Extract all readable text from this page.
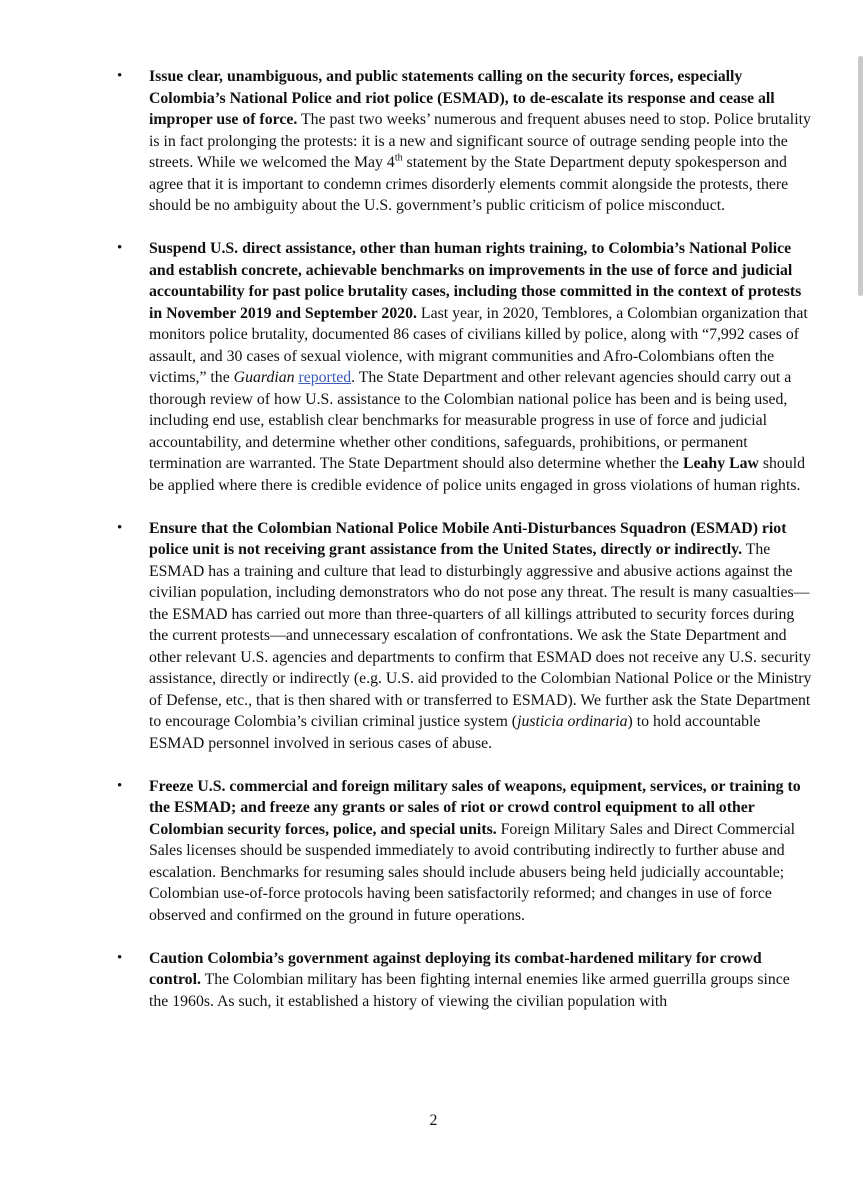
• Issue clear, unambiguous, and public statements calling on the security forces, especially Colombia’s National Police and riot police (ESMAD), to de-escalate its response and cease all improper use of force. The past two weeks’ numerous and frequent abuses need to stop. Police brutality is in fact prolonging the protests: it is a new and significant source of outrage sending people into the streets. While we welcomed the May 4th statement by the State Department deputy spokesperson and agree that it is important to condemn crimes disorderly elements commit alongside the protests, there should be no ambiguity about the U.S. government’s public criticism of police misconduct.
• Suspend U.S. direct assistance, other than human rights training, to Colombia’s National Police and establish concrete, achievable benchmarks on improvements in the use of force and judicial accountability for past police brutality cases, including those committed in the context of protests in November 2019 and September 2020. Last year, in 2020, Temblores, a Colombian organization that monitors police brutality, documented 86 cases of civilians killed by police, along with “7,992 cases of assault, and 30 cases of sexual violence, with migrant communities and Afro-Colombians often the victims,” the Guardian reported. The State Department and other relevant agencies should carry out a thorough review of how U.S. assistance to the Colombian national police has been and is being used, including end use, establish clear benchmarks for measurable progress in use of force and judicial accountability, and determine whether other conditions, safeguards, prohibitions, or permanent termination are warranted. The State Department should also determine whether the Leahy Law should be applied where there is credible evidence of police units engaged in gross violations of human rights.
• Ensure that the Colombian National Police Mobile Anti-Disturbances Squadron (ESMAD) riot police unit is not receiving grant assistance from the United States, directly or indirectly. The ESMAD has a training and culture that lead to disturbingly aggressive and abusive actions against the civilian population, including demonstrators who do not pose any threat. The result is many casualties—the ESMAD has carried out more than three-quarters of all killings attributed to security forces during the current protests—and unnecessary escalation of confrontations. We ask the State Department and other relevant U.S. agencies and departments to confirm that ESMAD does not receive any U.S. security assistance, directly or indirectly (e.g. U.S. aid provided to the Colombian National Police or the Ministry of Defense, etc., that is then shared with or transferred to ESMAD). We further ask the State Department to encourage Colombia’s civilian criminal justice system (justicia ordinaria) to hold accountable ESMAD personnel involved in serious cases of abuse.
• Freeze U.S. commercial and foreign military sales of weapons, equipment, services, or training to the ESMAD; and freeze any grants or sales of riot or crowd control equipment to all other Colombian security forces, police, and special units. Foreign Military Sales and Direct Commercial Sales licenses should be suspended immediately to avoid contributing indirectly to further abuse and escalation. Benchmarks for resuming sales should include abusers being held judicially accountable; Colombian use-of-force protocols having been satisfactorily reformed; and changes in use of force observed and confirmed on the ground in future operations.
• Caution Colombia’s government against deploying its combat-hardened military for crowd control. The Colombian military has been fighting internal enemies like armed guerrilla groups since the 1960s. As such, it established a history of viewing the civilian population with
2
